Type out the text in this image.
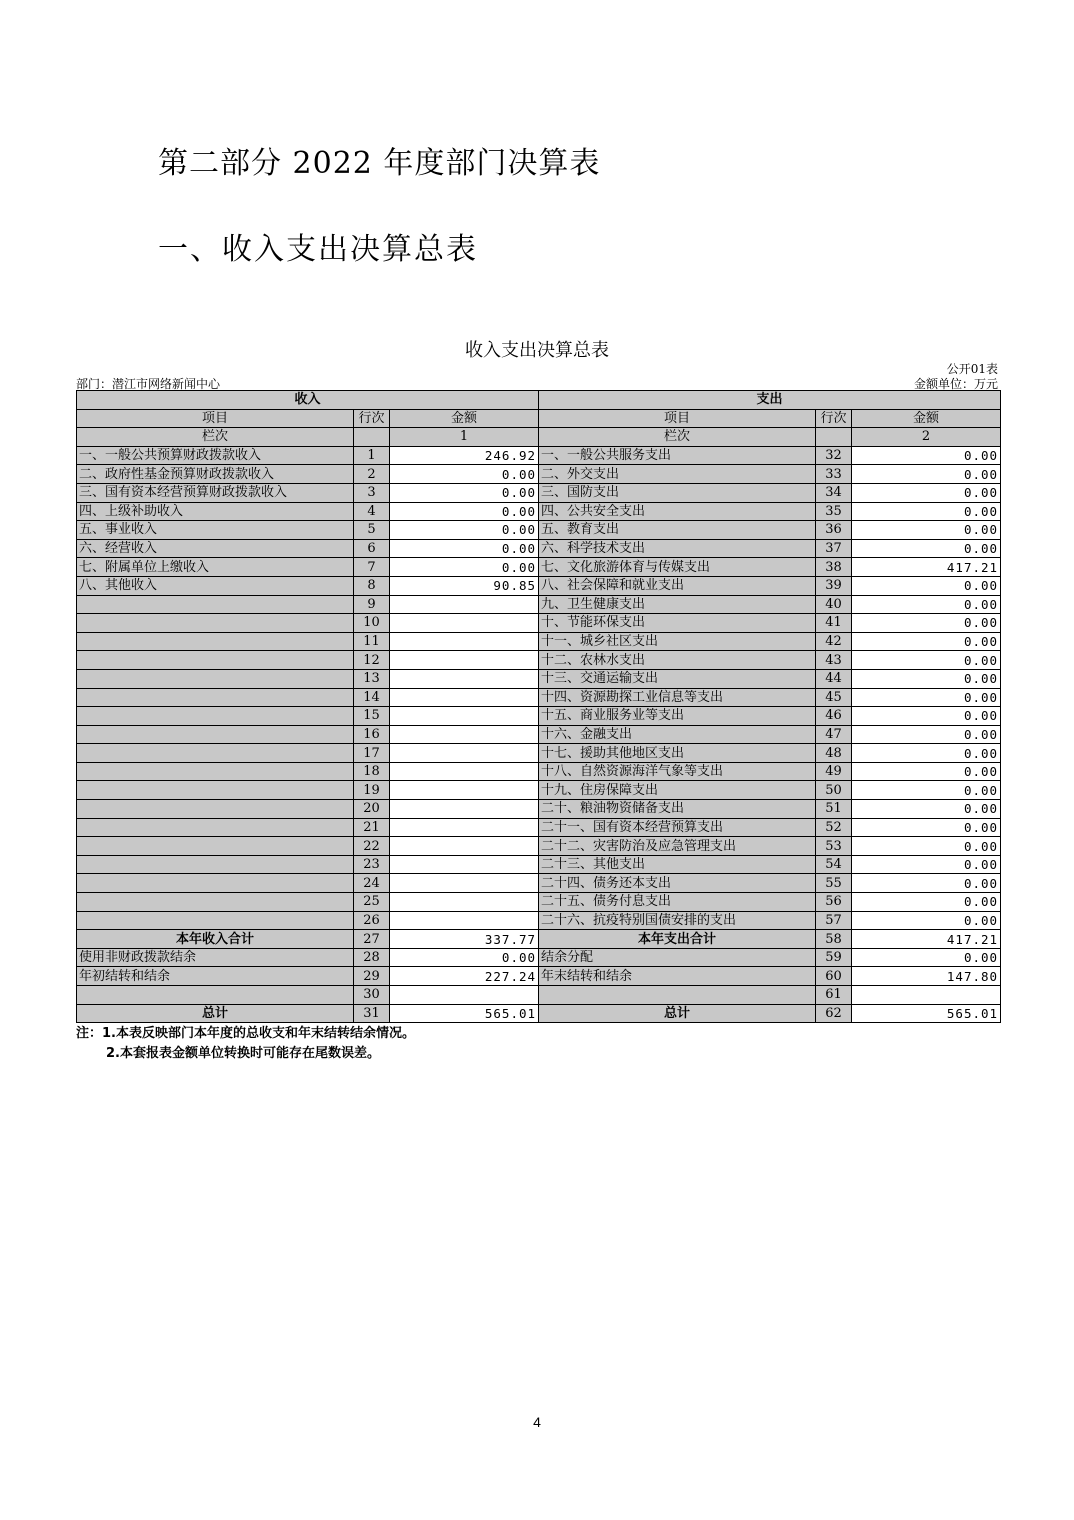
第二部分 2022 年度部门决算表
一、收入支出决算总表
收入支出决算总表
公开01表
部门：潜江市网络新闻中心	金额单位：万元
收入			支出		
项目	行次	金额	项目	行次	金额
栏次		1	栏次		2
一、一般公共预算财政拨款收入	1	246.92	一、一般公共服务支出	32	0.00
二、政府性基金预算财政拨款收入	2	0.00	二、外交支出	33	0.00
三、国有资本经营预算财政拨款收入	3	0.00	三、国防支出	34	0.00
四、上级补助收入	4	0.00	四、公共安全支出	35	0.00
五、事业收入	5	0.00	五、教育支出	36	0.00
六、经营收入	6	0.00	六、科学技术支出	37	0.00
七、附属单位上缴收入	7	0.00	七、文化旅游体育与传媒支出	38	417.21
八、其他收入	8	90.85	八、社会保障和就业支出	39	0.00
	9		九、卫生健康支出	40	0.00
	10		十、节能环保支出	41	0.00
	11		十一、城乡社区支出	42	0.00
	12		十二、农林水支出	43	0.00
	13		十三、交通运输支出	44	0.00
	14		十四、资源勘探工业信息等支出	45	0.00
	15		十五、商业服务业等支出	46	0.00
	16		十六、金融支出	47	0.00
	17		十七、援助其他地区支出	48	0.00
	18		十八、自然资源海洋气象等支出	49	0.00
	19		十九、住房保障支出	50	0.00
	20		二十、粮油物资储备支出	51	0.00
	21		二十一、国有资本经营预算支出	52	0.00
	22		二十二、灾害防治及应急管理支出	53	0.00
	23		二十三、其他支出	54	0.00
	24		二十四、债务还本支出	55	0.00
	25		二十五、债务付息支出	56	0.00
	26		二十六、抗疫特别国债安排的支出	57	0.00
本年收入合计	27	337.77	本年支出合计	58	417.21
使用非财政拨款结余	28	0.00	结余分配	59	0.00
年初结转和结余	29	227.24	年末结转和结余	60	147.80
	30			61	
总计	31	565.01	总计	62	565.01
注：1.本表反映部门本年度的总收支和年末结转结余情况。
2.本套报表金额单位转换时可能存在尾数误差。
4
